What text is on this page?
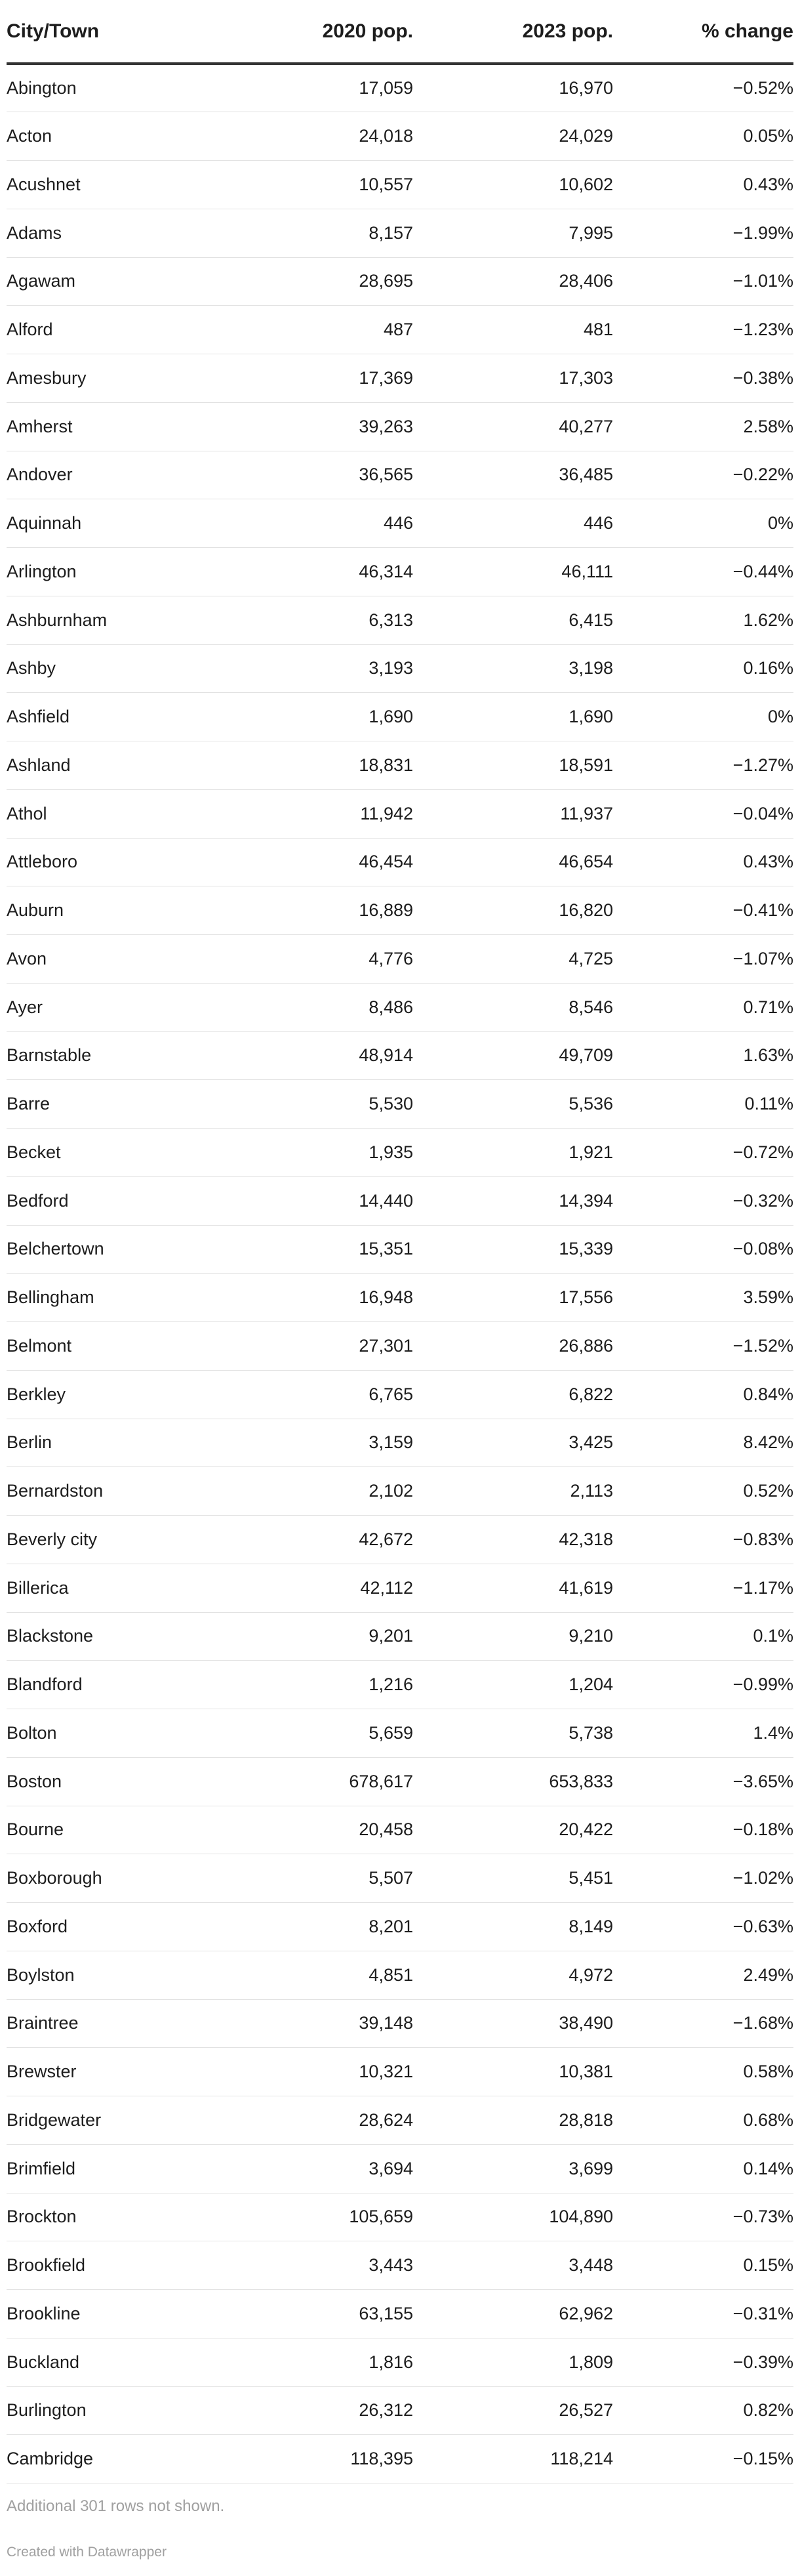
City/Town	2020 pop.	2023 pop.	% change
Abington	17,059	16,970	−0.52%
Acton	24,018	24,029	0.05%
Acushnet	10,557	10,602	0.43%
Adams	8,157	7,995	−1.99%
Agawam	28,695	28,406	−1.01%
Alford	487	481	−1.23%
Amesbury	17,369	17,303	−0.38%
Amherst	39,263	40,277	2.58%
Andover	36,565	36,485	−0.22%
Aquinnah	446	446	0%
Arlington	46,314	46,111	−0.44%
Ashburnham	6,313	6,415	1.62%
Ashby	3,193	3,198	0.16%
Ashfield	1,690	1,690	0%
Ashland	18,831	18,591	−1.27%
Athol	11,942	11,937	−0.04%
Attleboro	46,454	46,654	0.43%
Auburn	16,889	16,820	−0.41%
Avon	4,776	4,725	−1.07%
Ayer	8,486	8,546	0.71%
Barnstable	48,914	49,709	1.63%
Barre	5,530	5,536	0.11%
Becket	1,935	1,921	−0.72%
Bedford	14,440	14,394	−0.32%
Belchertown	15,351	15,339	−0.08%
Bellingham	16,948	17,556	3.59%
Belmont	27,301	26,886	−1.52%
Berkley	6,765	6,822	0.84%
Berlin	3,159	3,425	8.42%
Bernardston	2,102	2,113	0.52%
Beverly city	42,672	42,318	−0.83%
Billerica	42,112	41,619	−1.17%
Blackstone	9,201	9,210	0.1%
Blandford	1,216	1,204	−0.99%
Bolton	5,659	5,738	1.4%
Boston	678,617	653,833	−3.65%
Bourne	20,458	20,422	−0.18%
Boxborough	5,507	5,451	−1.02%
Boxford	8,201	8,149	−0.63%
Boylston	4,851	4,972	2.49%
Braintree	39,148	38,490	−1.68%
Brewster	10,321	10,381	0.58%
Bridgewater	28,624	28,818	0.68%
Brimfield	3,694	3,699	0.14%
Brockton	105,659	104,890	−0.73%
Brookfield	3,443	3,448	0.15%
Brookline	63,155	62,962	−0.31%
Buckland	1,816	1,809	−0.39%
Burlington	26,312	26,527	0.82%
Cambridge	118,395	118,214	−0.15%
Additional 301 rows not shown.
Created with Datawrapper
